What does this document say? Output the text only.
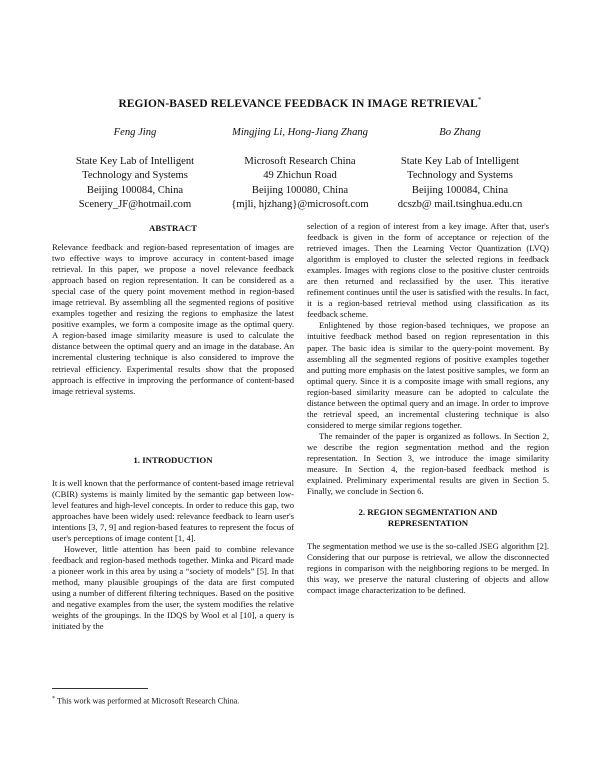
REGION-BASED RELEVANCE FEEDBACK IN IMAGE RETRIEVAL*
Feng Jing
State Key Lab of Intelligent
Technology and Systems
Beijing 100084, China
Scenery_JF@hotmail.com
Mingjing Li, Hong-Jiang Zhang
Microsoft Research China
49 Zhichun Road
Beijing 100080, China
{mjli, hjzhang}@microsoft.com
Bo Zhang
State Key Lab of Intelligent
Technology and Systems
Beijing 100084, China
dcszb@ mail.tsinghua.edu.cn

ABSTRACT

Relevance feedback and region-based representation of images are two effective ways to improve accuracy in content-based image retrieval. In this paper, we propose a novel relevance feedback approach based on region representation. It can be considered as a special case of the query point movement method in region-based image retrieval. By assembling all the segmented regions of positive examples together and resizing the regions to emphasize the latest positive examples, we form a composite image as the optimal query. A region-based image similarity measure is used to calculate the distance between the optimal query and an image in the database. An incremental clustering technique is also considered to improve the retrieval efficiency. Experimental results show that the proposed approach is effective in improving the performance of content-based image retrieval systems.

1. INTRODUCTION

It is well known that the performance of content-based image retrieval (CBIR) systems is mainly limited by the semantic gap between low-level features and high-level concepts. In order to reduce this gap, two approaches have been widely used: relevance feedback to learn user's intentions [3, 7, 9] and region-based features to represent the focus of user's perceptions of image content [1, 4].

However, little attention has been paid to combine relevance feedback and region-based methods together. Minka and Picard made a pioneer work in this area by using a “society of models” [5]. In that method, many plausible groupings of the data are first computed using a number of different filtering techniques. Based on the positive and negative examples from the user, the system modifies the relative weights of the groupings. In the IDQS by Wool et al [10], a query is initiated by the

selection of a region of interest from a key image. After that, user's feedback is given in the form of acceptance or rejection of the retrieved images. Then the Learning Vector Quantization (LVQ) algorithm is employed to cluster the selected regions in feedback examples. Images with regions close to the positive cluster centroids are then returned and reclassified by the user. This iterative refinement continues until the user is satisfied with the results. In fact, it is a region-based retrieval method using classification as its feedback scheme.

Enlightened by those region-based techniques, we propose an intuitive feedback method based on region representation in this paper. The basic idea is similar to the query-point movement. By assembling all the segmented regions of positive examples together and putting more emphasis on the latest positive samples, we form an optimal query. Since it is a composite image with small regions, any region-based similarity measure can be adopted to calculate the distance between the optimal query and an image. In order to improve the retrieval speed, an incremental clustering technique is also considered to merge similar regions together.

The remainder of the paper is organized as follows. In Section 2, we describe the region segmentation method and the region representation. In Section 3, we introduce the image similarity measure. In Section 4, the region-based feedback method is explained. Preliminary experimental results are given in Section 5. Finally, we conclude in Section 6.

2. REGION SEGMENTATION AND

REPRESENTATION

The segmentation method we use is the so-called JSEG algorithm [2]. Considering that our purpose is retrieval, we allow the disconnected regions in comparison with the neighboring regions to be merged. In this way, we preserve the natural clustering of objects and allow compact image characterization to be defined.

* This work was performed at Microsoft Research China.
